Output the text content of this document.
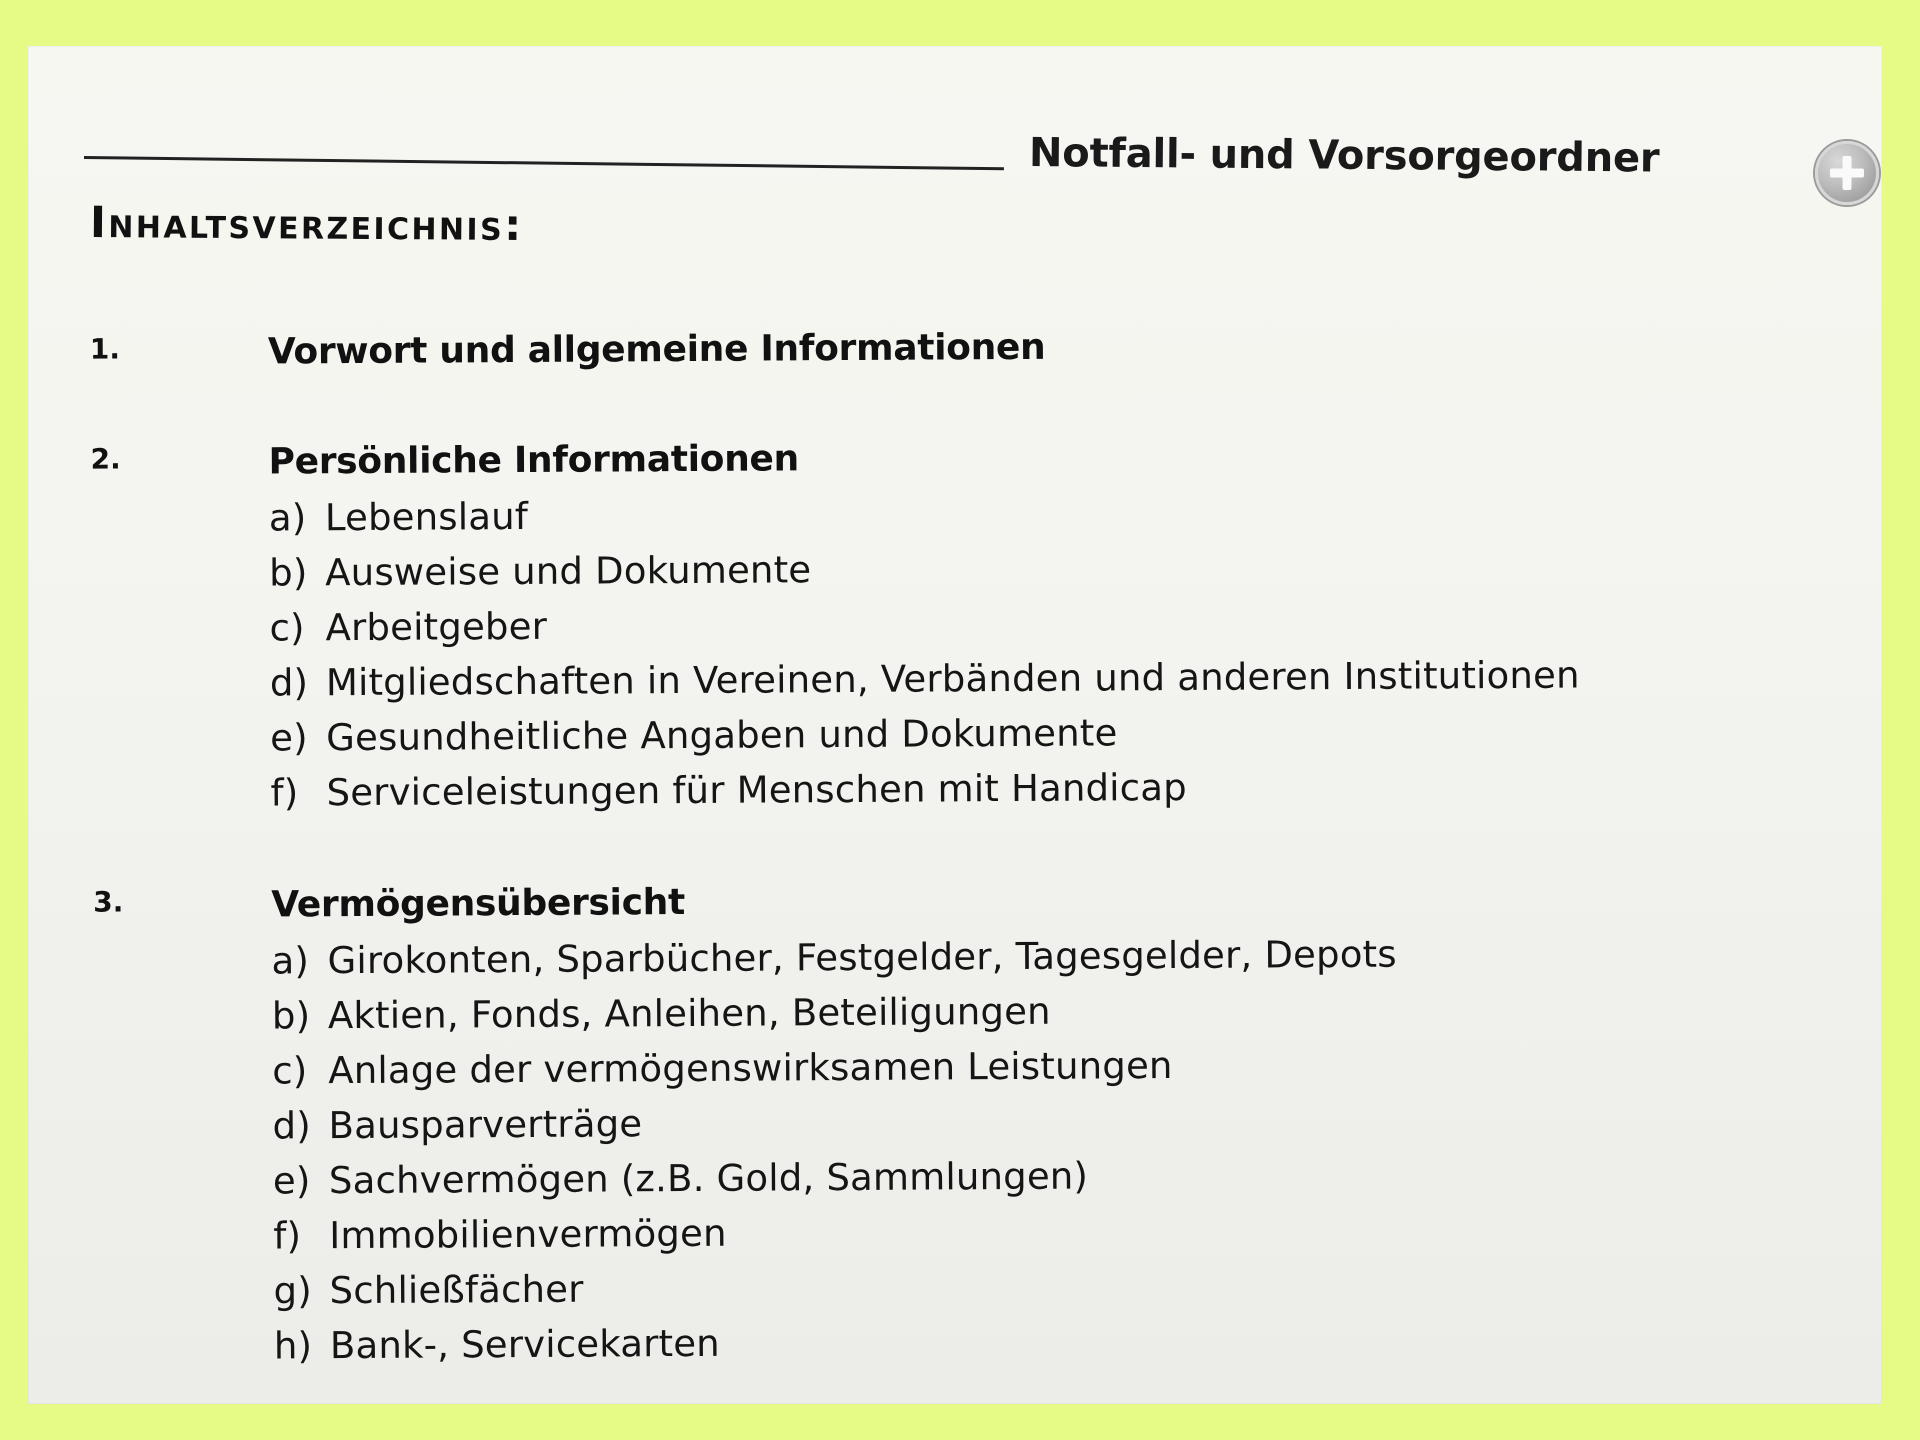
Notfall- und Vorsorgeordner
Inhaltsverzeichnis:
1.	Vorwort und allgemeine Informationen
2.	Persönliche Informationen
a) Lebenslauf
b) Ausweise und Dokumente
c) Arbeitgeber
d) Mitgliedschaften in Vereinen, Verbänden und anderen Institutionen
e) Gesundheitliche Angaben und Dokumente
f) Serviceleistungen für Menschen mit Handicap
3.	Vermögensübersicht
a) Girokonten, Sparbücher, Festgelder, Tagesgelder, Depots
b) Aktien, Fonds, Anleihen, Beteiligungen
c) Anlage der vermögenswirksamen Leistungen
d) Bausparverträge
e) Sachvermögen (z.B. Gold, Sammlungen)
f) Immobilienvermögen
g) Schließfächer
h) Bank-, Servicekarten
